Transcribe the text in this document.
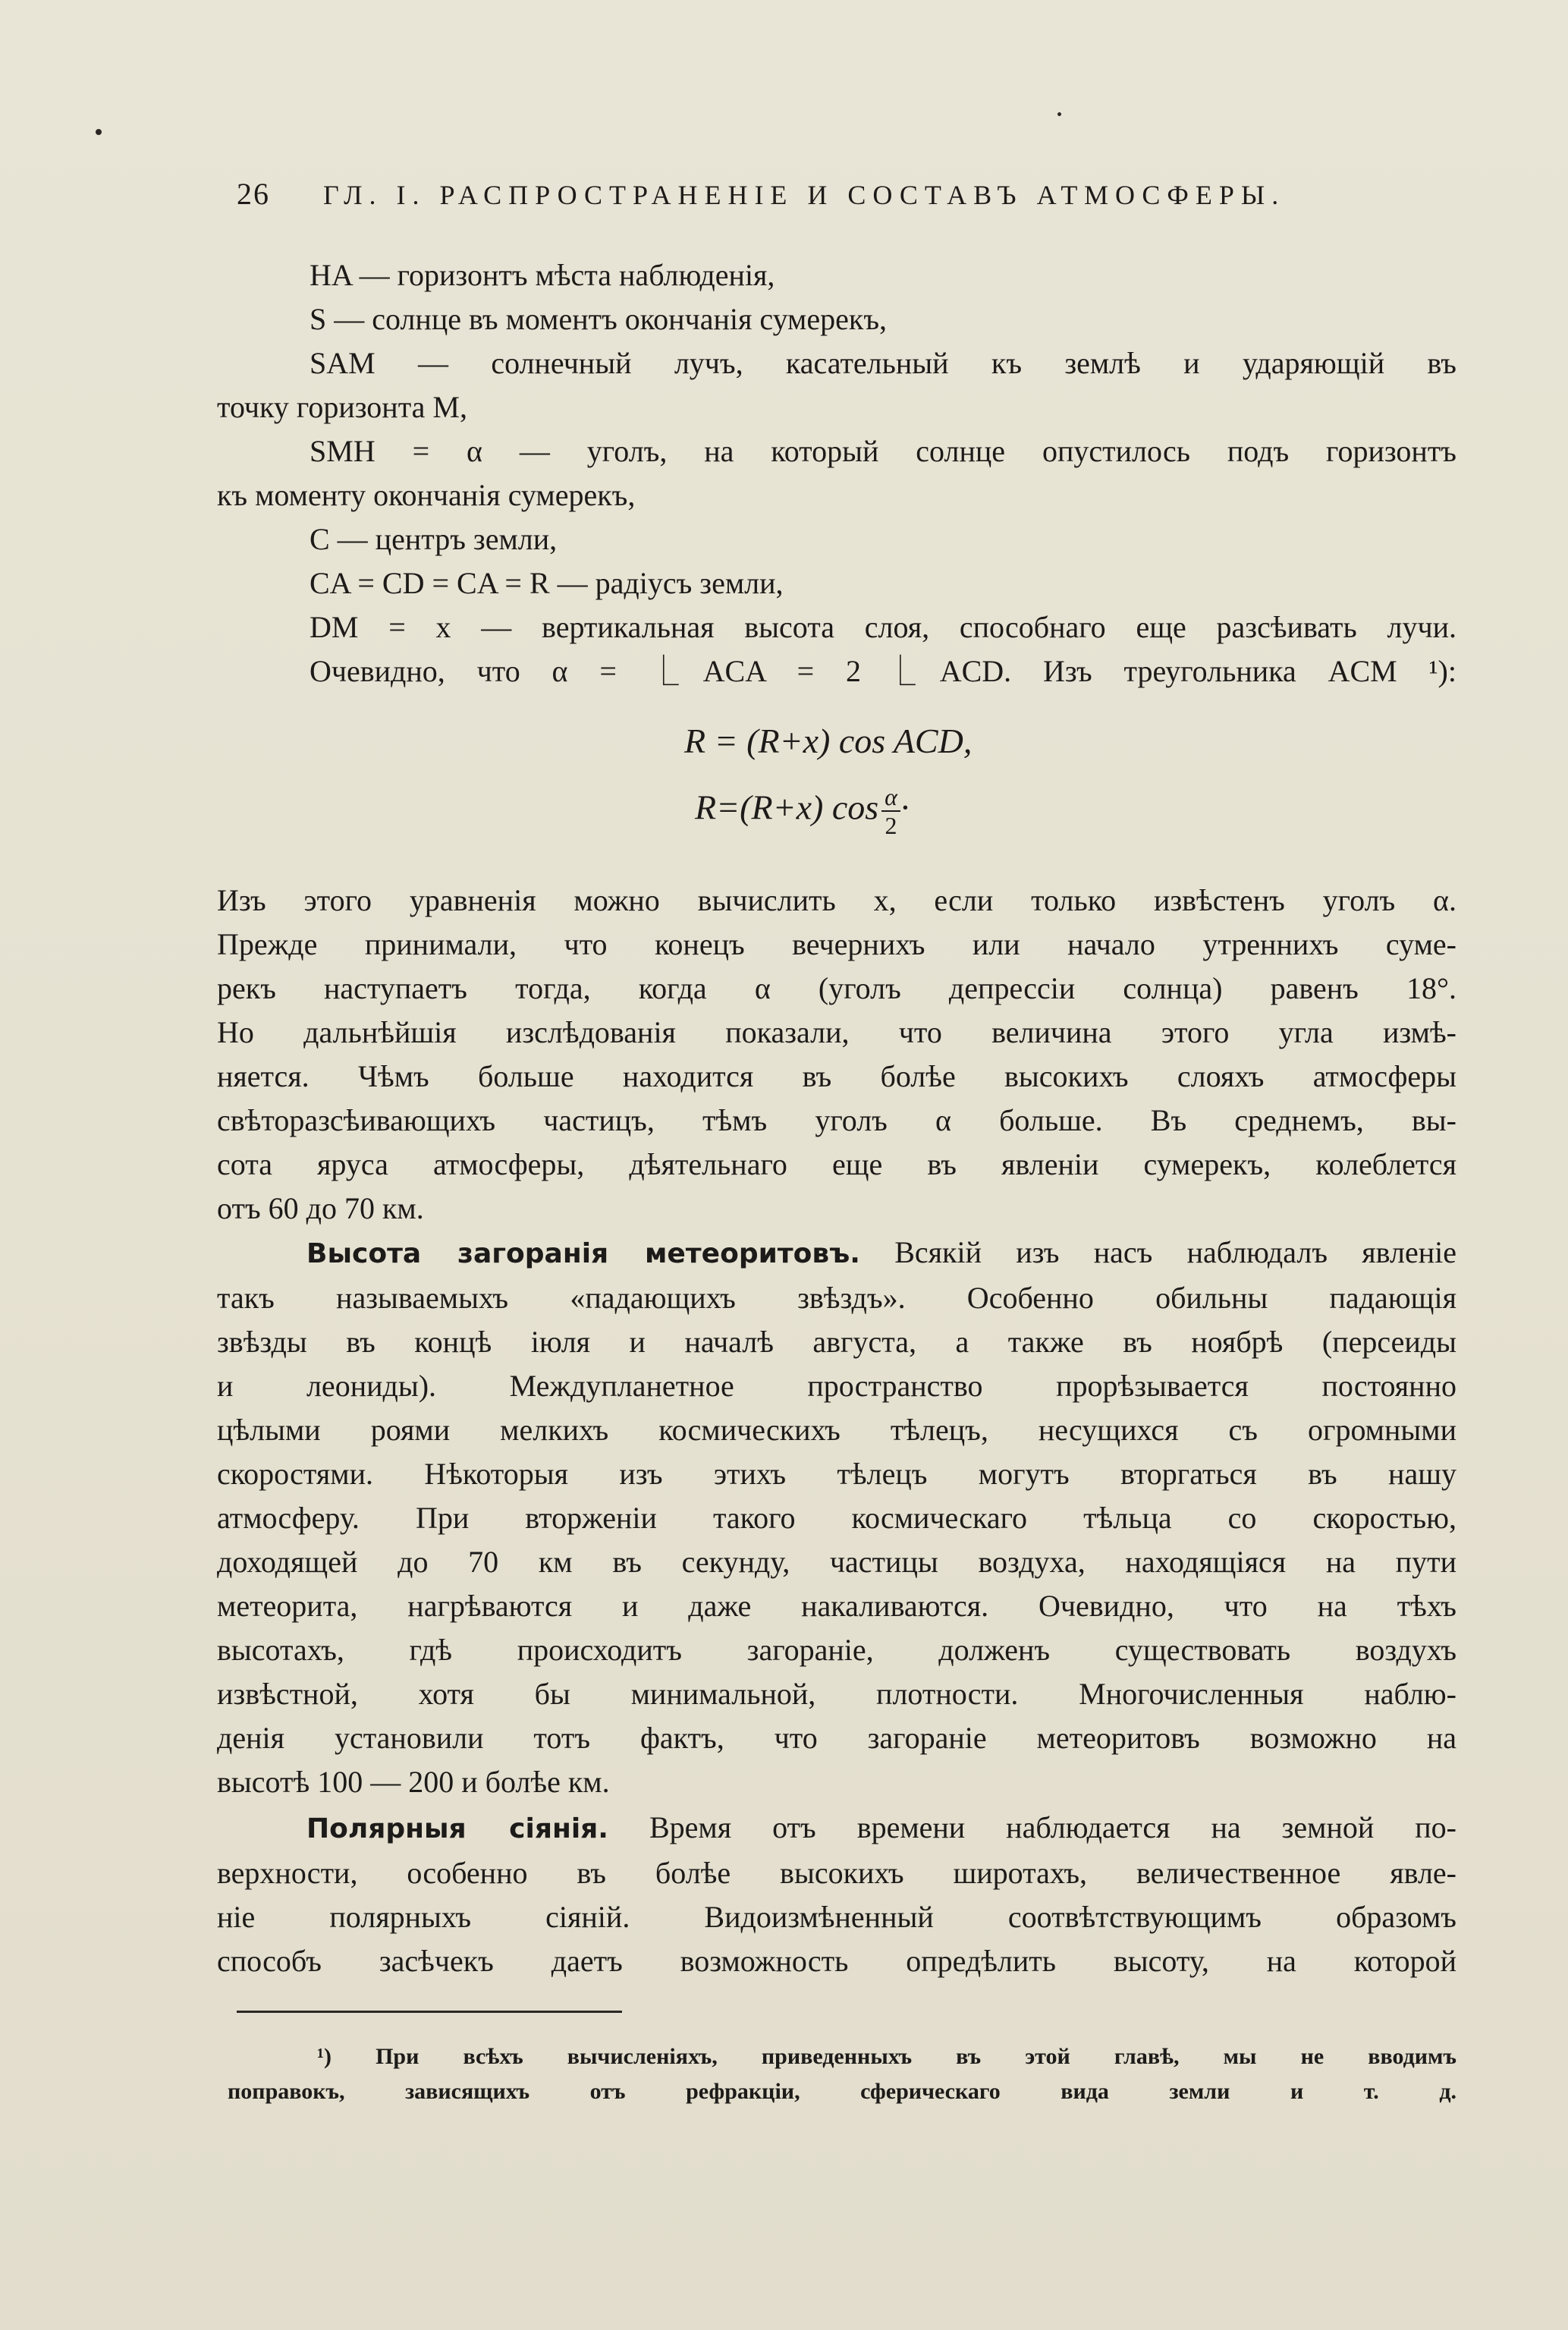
26 ГЛ. I. РАСПРОСТРАНЕНІЕ И СОСТАВЪ АТМОСФЕРЫ.
HA — горизонтъ мѣста наблюденія,
S — солнце въ моментъ окончанія сумерекъ,
SAM — солнечный лучъ, касательный къ землѣ и ударяющій въ
точку горизонта M,
SMH = α — уголъ, на который солнце опустилось подъ горизонтъ
къ моменту окончанія сумерекъ,
C — центръ земли,
CA = CD = CA = R — радіусъ земли,
DM = x — вертикальная высота слоя, способнаго еще разсѣивать лучи.
Очевидно, что α = ⎿ACA = 2⎿ACD. Изъ треугольника ACM ¹):
R = (R+x) cos ACD,
R=(R+x) $\cos \frac{\alpha}{2}$ ·
Изъ этого уравненія можно вычислить x, если только извѣстенъ уголъ α.
Прежде принимали, что конецъ вечернихъ или начало утреннихъ суме-
рекъ наступаетъ тогда, когда α (уголъ депрессіи солнца) равенъ 18°.
Но дальнѣйшія изслѣдованія показали, что величина этого угла измѣ-
няется. Чѣмъ больше находится въ болѣе высокихъ слояхъ атмосферы
свѣторазсѣивающихъ частицъ, тѣмъ уголъ α больше. Въ среднемъ, вы-
сота яруса атмосферы, дѣятельнаго еще въ явленіи сумерекъ, колеблется
отъ 60 до 70 км.
Высота загоранія метеоритовъ. Всякій изъ насъ наблюдалъ явленіе
такъ называемыхъ «падающихъ звѣздъ». Особенно обильны падающія
звѣзды въ концѣ іюля и началѣ августа, а также въ ноябрѣ (персеиды
и леониды). Междупланетное пространство прорѣзывается постоянно
цѣлыми роями мелкихъ космическихъ тѣлецъ, несущихся съ огромными
скоростями. Нѣкоторыя изъ этихъ тѣлецъ могутъ вторгаться въ нашу
атмосферу. При вторженіи такого космическаго тѣльца со скоростью,
доходящей до 70 км въ секунду, частицы воздуха, находящіяся на пути
метеорита, нагрѣваются и даже накаливаются. Очевидно, что на тѣхъ
высотахъ, гдѣ происходитъ загораніе, долженъ существовать воздухъ
извѣстной, хотя бы минимальной, плотности. Многочисленныя наблю-
денія установили тотъ фактъ, что загораніе метеоритовъ возможно на
высотѣ 100 — 200 и болѣе км.
Полярныя сіянія. Время отъ времени наблюдается на земной по-
верхности, особенно въ болѣе высокихъ широтахъ, величественное явле-
ніе полярныхъ сіяній. Видоизмѣненный соотвѣтствующимъ образомъ
способъ засѣчекъ даетъ возможность опредѣлить высоту, на которой
¹) При всѣхъ вычисленіяхъ, приведенныхъ въ этой главѣ, мы не вводимъ
поправокъ, зависящихъ отъ рефракціи, сферическаго вида земли и т. д.
